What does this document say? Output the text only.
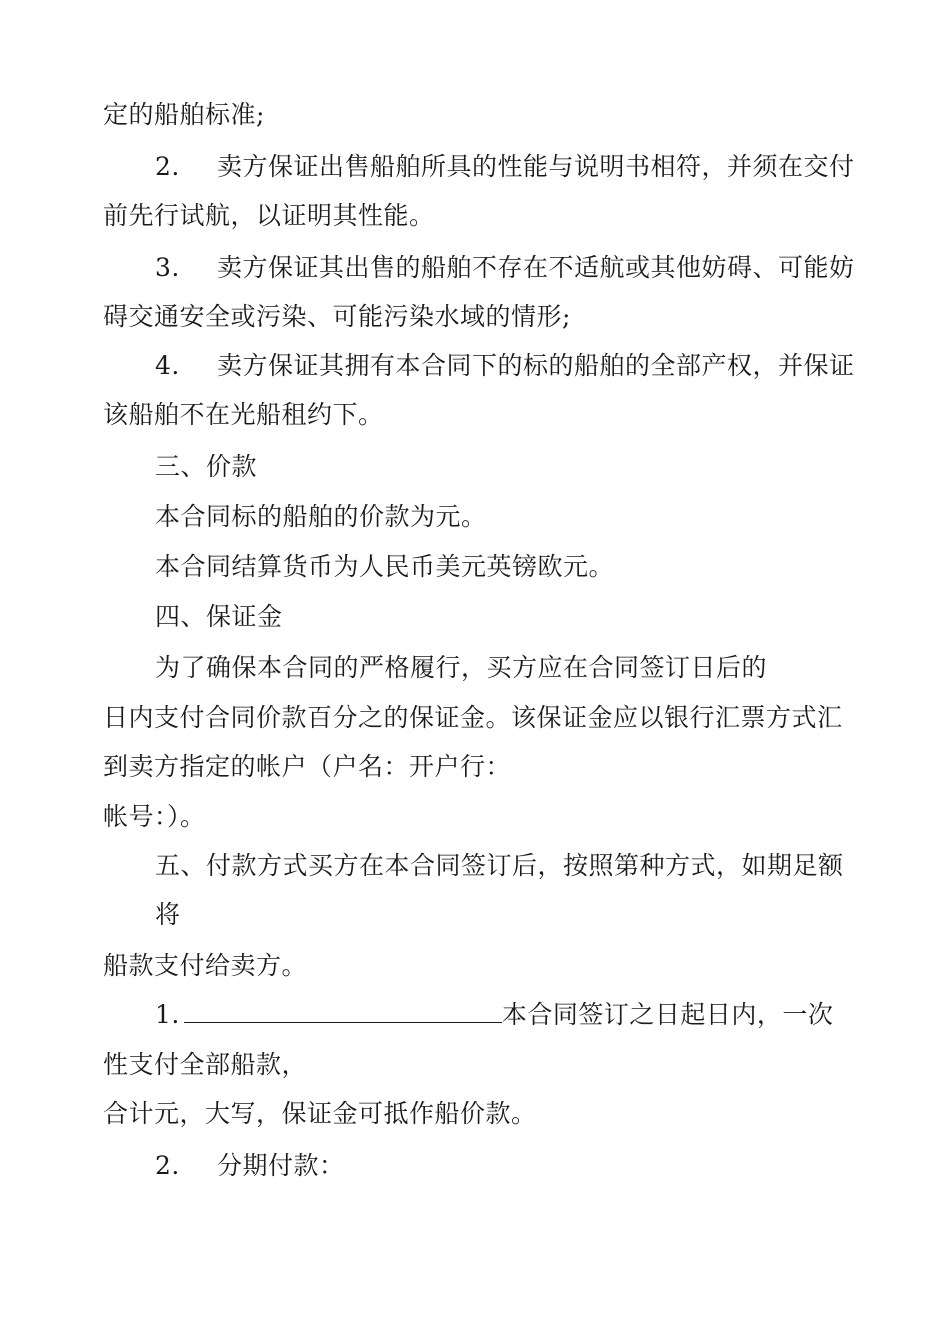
定的船舶标准;
2. 卖方保证出售船舶所具的性能与说明书相符，并须在交付
前先行试航，以证明其性能。
3. 卖方保证其出售的船舶不存在不适航或其他妨碍、可能妨
碍交通安全或污染、可能污染水域的情形;
4. 卖方保证其拥有本合同下的标的船舶的全部产权，并保证
该船舶不在光船租约下。
三、价款
本合同标的船舶的价款为元。
本合同结算货币为人民币美元英镑欧元。
四、保证金
为了确保本合同的严格履行，买方应在合同签订日后的
日内支付合同价款百分之的保证金。该保证金应以银行汇票方式汇
到卖方指定的帐户（户名：开户行：
帐号：）。
五、付款方式买方在本合同签订后，按照第种方式，如期足额
将
船款支付给卖方。
1.	本合同签订之日起日内，一次
性支付全部船款，
合计元，大写，保证金可抵作船价款。
2. 分期付款：
